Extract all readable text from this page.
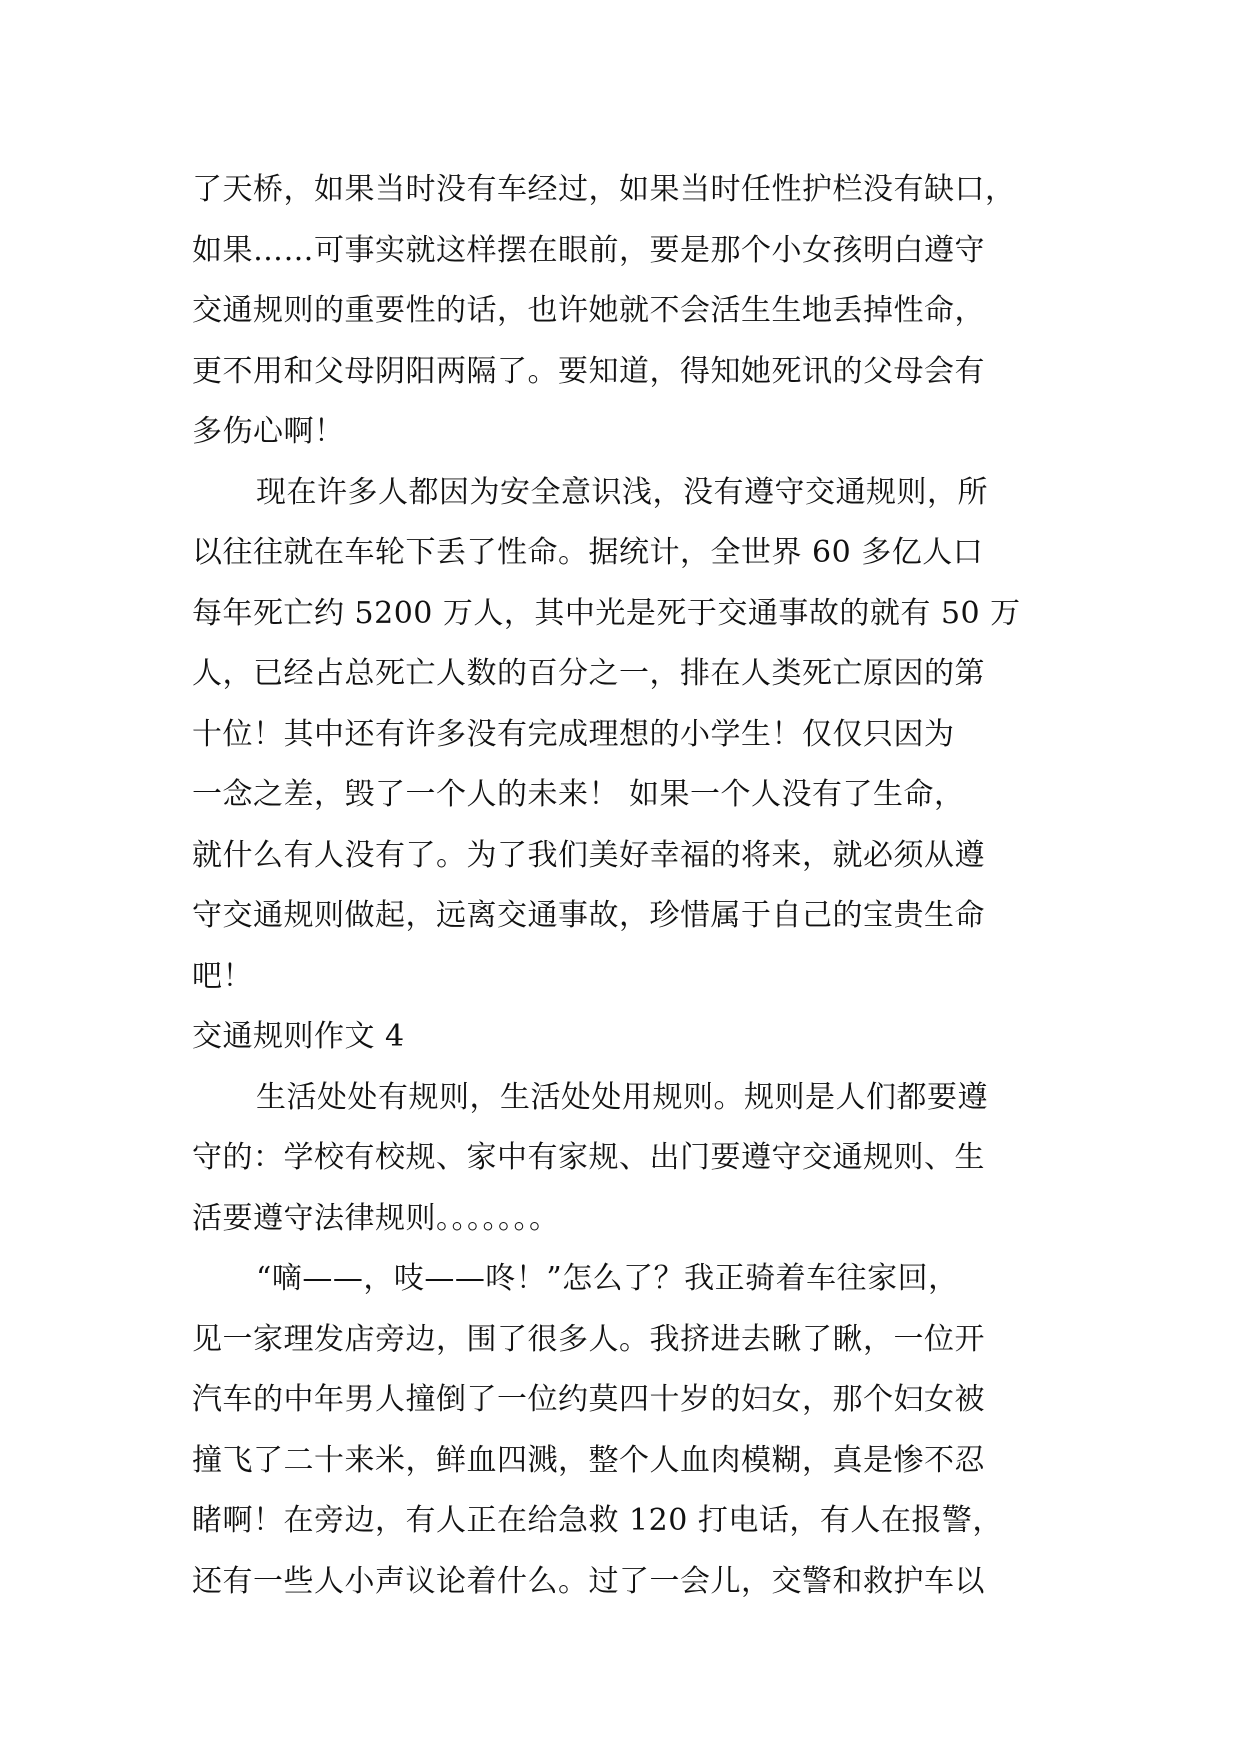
了天桥，如果当时没有车经过，如果当时任性护栏没有缺口，
如果……可事实就这样摆在眼前，要是那个小女孩明白遵守
交通规则的重要性的话，也许她就不会活生生地丢掉性命，
更不用和父母阴阳两隔了。要知道，得知她死讯的父母会有
多伤心啊！
现在许多人都因为安全意识浅，没有遵守交通规则，所
以往往就在车轮下丢了性命。据统计，全世界 60 多亿人口
每年死亡约 5200 万人，其中光是死于交通事故的就有 50 万
人，已经占总死亡人数的百分之一，排在人类死亡原因的第
十位！其中还有许多没有完成理想的小学生！仅仅只因为
一念之差，毁了一个人的未来！ 如果一个人没有了生命，
就什么有人没有了。为了我们美好幸福的将来，就必须从遵
守交通规则做起，远离交通事故，珍惜属于自己的宝贵生命
吧！
交通规则作文 4
生活处处有规则，生活处处用规则。规则是人们都要遵
守的：学校有校规、家中有家规、出门要遵守交通规则、生
活要遵守法律规则。。。。。。。
“嘀——，吱——咚！”怎么了？我正骑着车往家回，
见一家理发店旁边，围了很多人。我挤进去瞅了瞅，一位开
汽车的中年男人撞倒了一位约莫四十岁的妇女，那个妇女被
撞飞了二十来米，鲜血四溅，整个人血肉模糊，真是惨不忍
睹啊！在旁边，有人正在给急救 120 打电话，有人在报警，
还有一些人小声议论着什么。过了一会儿，交警和救护车以
